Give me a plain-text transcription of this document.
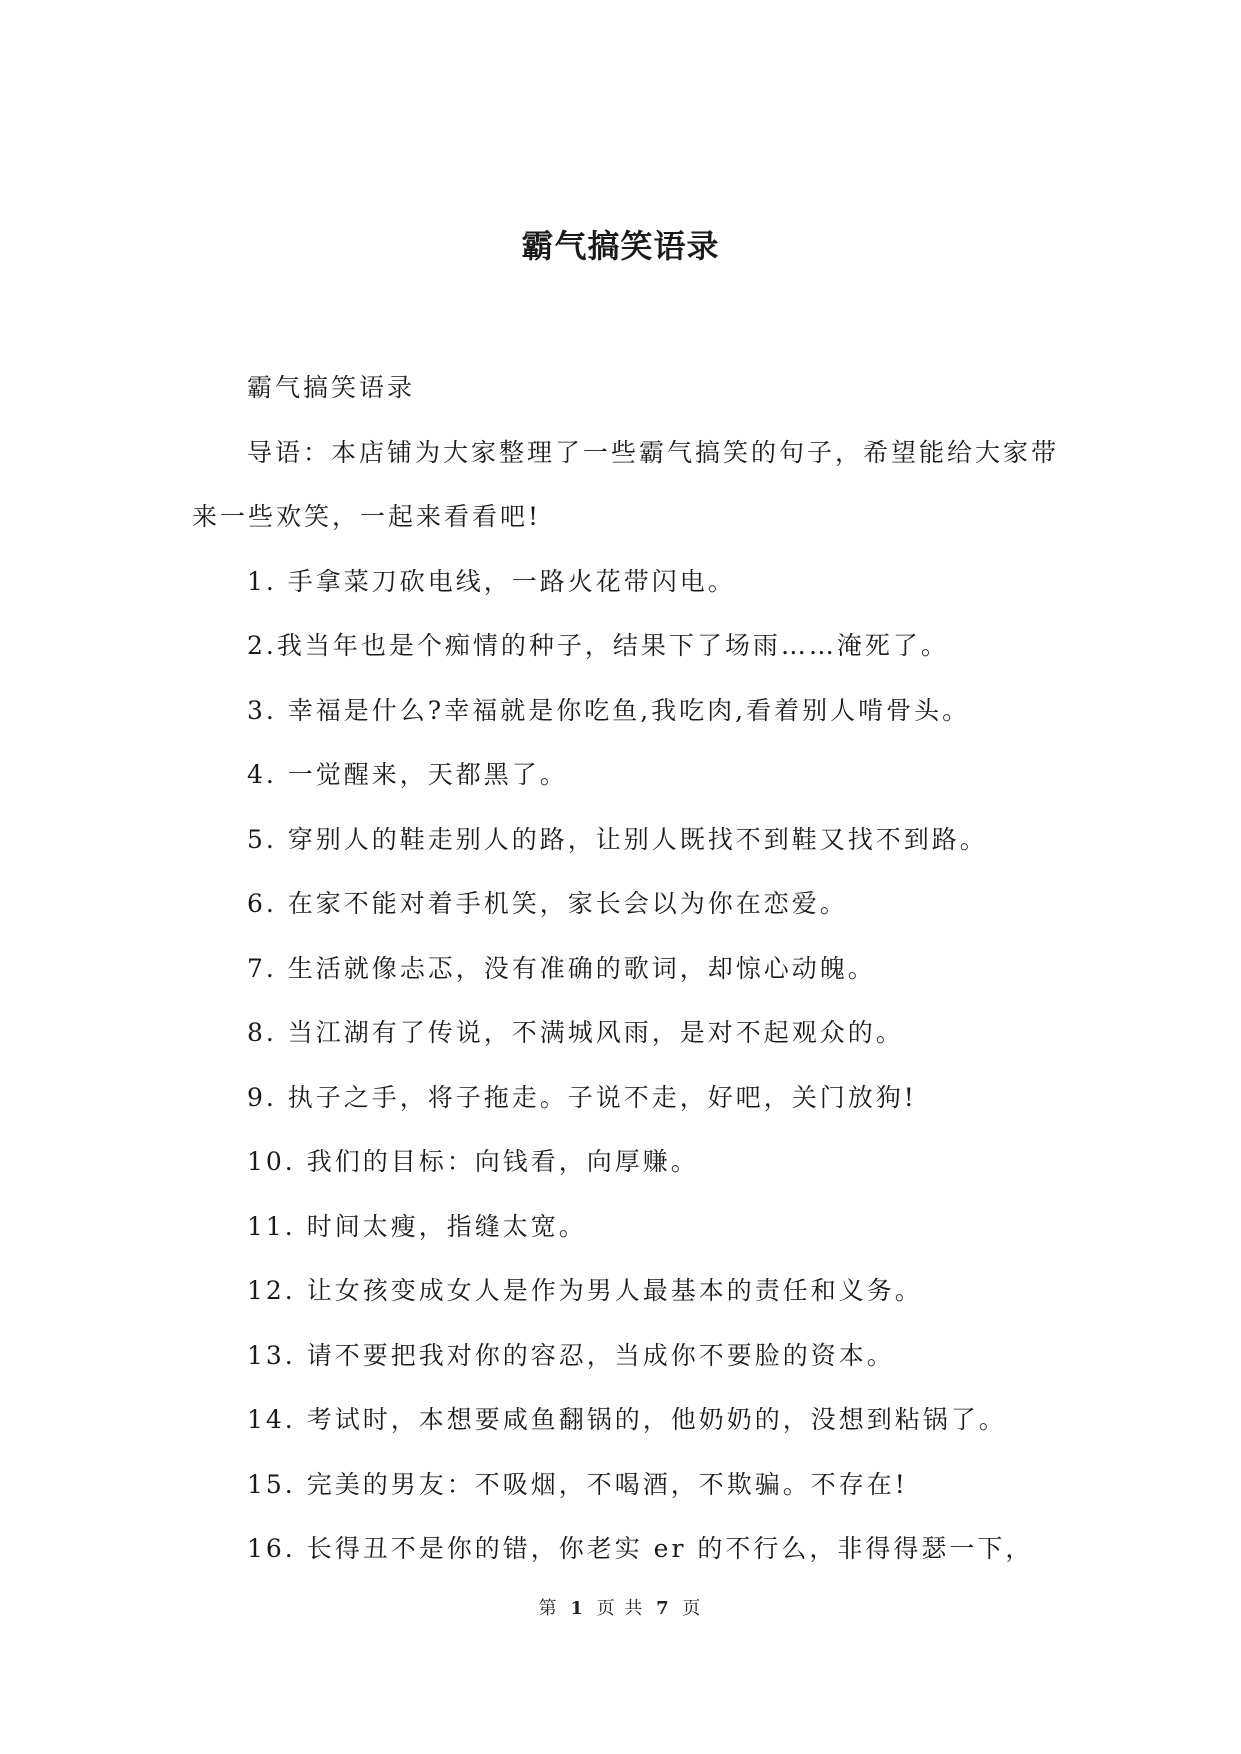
霸气搞笑语录

霸气搞笑语录

导语：本店铺为大家整理了一些霸气搞笑的句子，希望能给大家带来一些欢笑，一起来看看吧!

1. 手拿菜刀砍电线，一路火花带闪电。

2.我当年也是个痴情的种子，结果下了场雨……淹死了。

3. 幸福是什么?幸福就是你吃鱼,我吃肉,看着别人啃骨头。

4. 一觉醒来，天都黑了。

5. 穿别人的鞋走别人的路，让别人既找不到鞋又找不到路。

6. 在家不能对着手机笑，家长会以为你在恋爱。

7. 生活就像忐忑，没有准确的歌词，却惊心动魄。

8. 当江湖有了传说，不满城风雨，是对不起观众的。

9. 执子之手，将子拖走。子说不走，好吧，关门放狗!

10. 我们的目标：向钱看，向厚赚。

11. 时间太瘦，指缝太宽。

12. 让女孩变成女人是作为男人最基本的责任和义务。

13. 请不要把我对你的容忍，当成你不要脸的资本。

14. 考试时，本想要咸鱼翻锅的，他奶奶的，没想到粘锅了。

15. 完美的男友：不吸烟，不喝酒，不欺骗。不存在!

16. 长得丑不是你的错，你老实 er 的不行么，非得得瑟一下，

第 1 页 共 7 页
